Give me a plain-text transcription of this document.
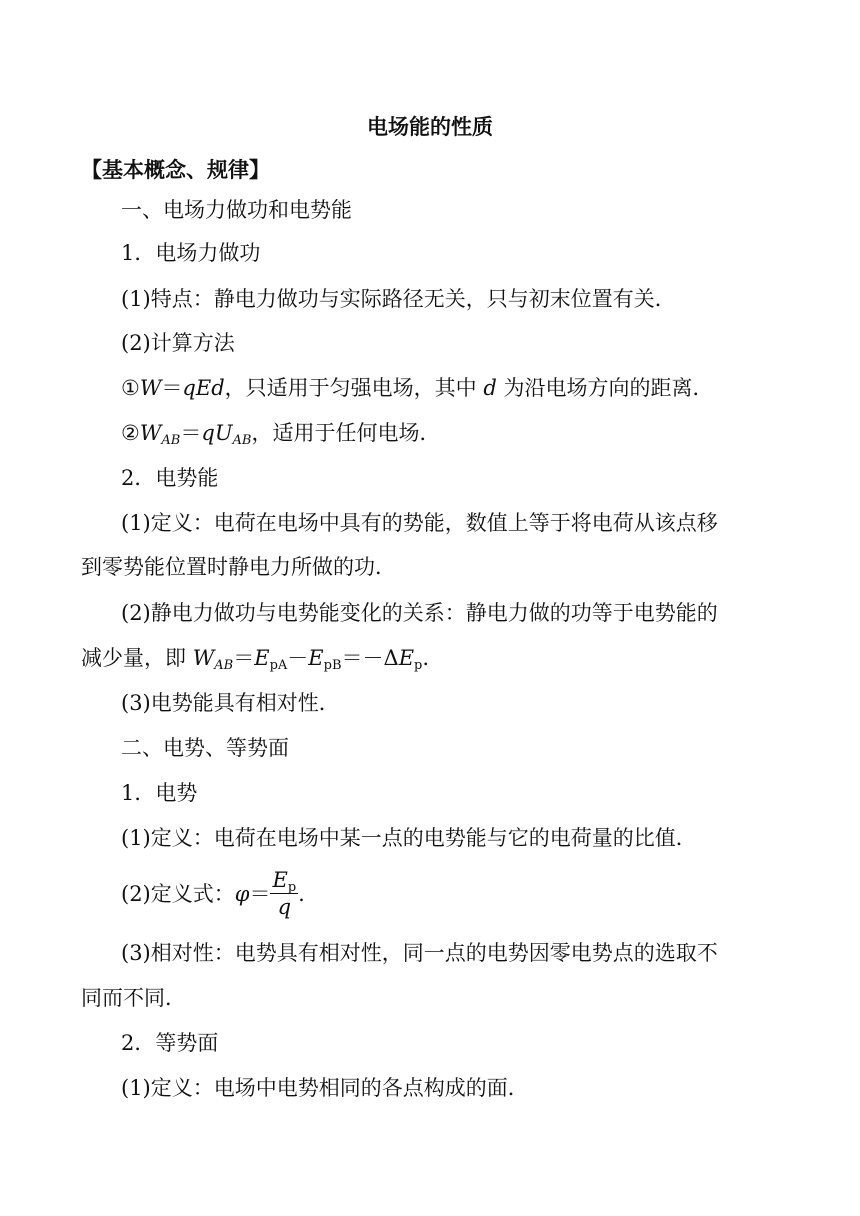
电场能的性质
【基本概念、规律】
一、电场力做功和电势能
1．电场力做功
(1)特点：静电力做功与实际路径无关，只与初末位置有关．
(2)计算方法
①W＝qEd，只适用于匀强电场，其中 d 为沿电场方向的距离．
$②W_{AB}=qU_{AB}$，适用于任何电场．
2．电势能
(1)定义：电荷在电场中具有的势能，数值上等于将电荷从该点移
到零势能位置时静电力所做的功．
(2)静电力做功与电势能变化的关系：静电力做的功等于电势能的
减少量，即 $W_{AB}=E_{pA}-E_{pB}=-\Delta E_p$.
(3)电势能具有相对性．
二、电势、等势面
1．电势
(1)定义：电荷在电场中某一点的电势能与它的电荷量的比值．
(2)定义式：$\varphi= \frac{E_p}{q}$ .
(3)相对性：电势具有相对性，同一点的电势因零电势点的选取不
同而不同．
2．等势面
(1)定义：电场中电势相同的各点构成的面．
